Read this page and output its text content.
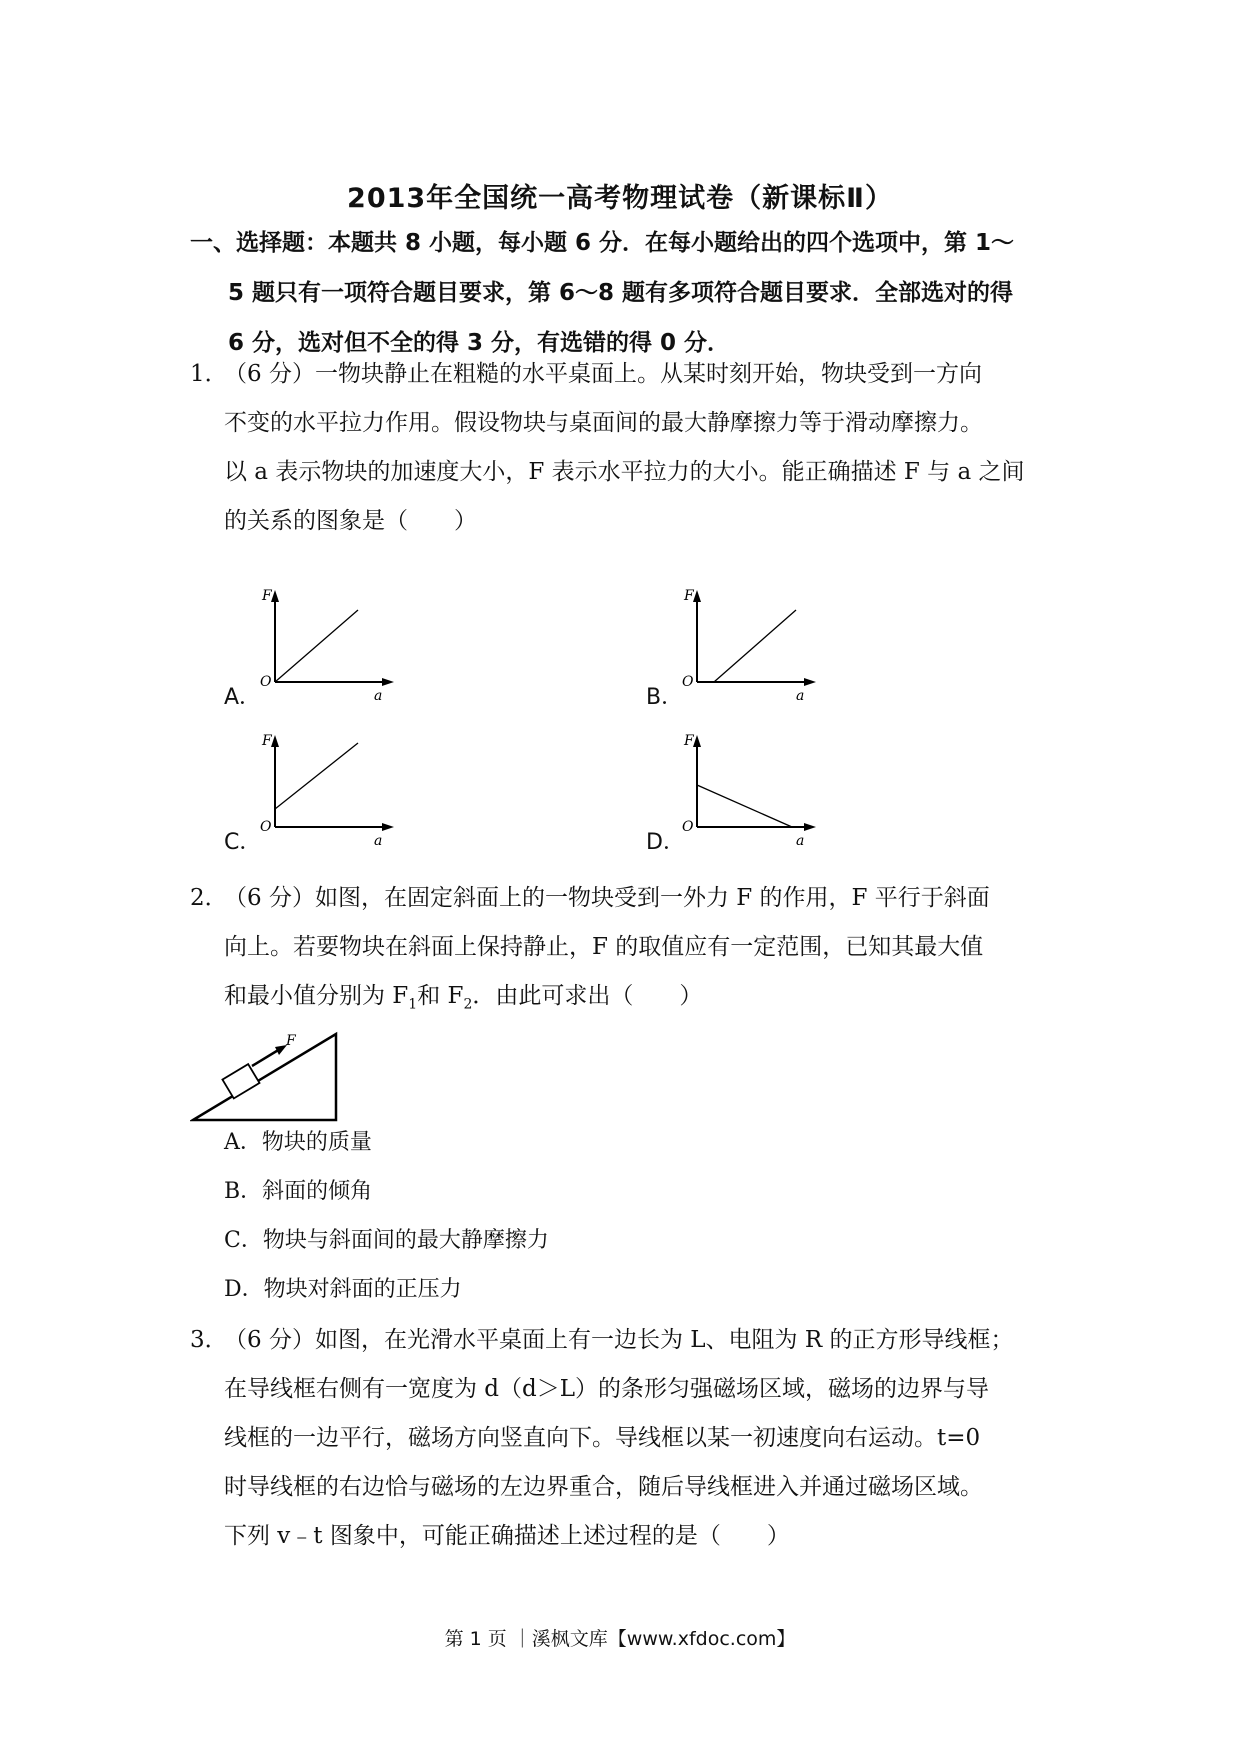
2013年全国统一高考物理试卷（新课标Ⅱ）
一、选择题：本题共 8 小题，每小题 6 分．在每小题给出的四个选项中，第 1～
5 题只有一项符合题目要求，第 6～8 题有多项符合题目要求．全部选对的得
6 分，选对但不全的得 3 分，有选错的得 0 分．
1．（6 分）一物块静止在粗糙的水平桌面上。从某时刻开始，物块受到一方向
不变的水平拉力作用。假设物块与桌面间的最大静摩擦力等于滑动摩擦力。
以 a 表示物块的加速度大小，F 表示水平拉力的大小。能正确描述 F 与 a 之间
的关系的图象是（　　）
A．
F
O
a	B．
F
O
a
C．
F
O
a	D．
F
O
a
2．（6 分）如图，在固定斜面上的一物块受到一外力 F 的作用，F 平行于斜面
向上。若要物块在斜面上保持静止，F 的取值应有一定范围，已知其最大值
和最小值分别为 $F_1$和 $F_2$．由此可求出（　　）
F
A．物块的质量
B．斜面的倾角
C．物块与斜面间的最大静摩擦力
D．物块对斜面的正压力
3．（6 分）如图，在光滑水平桌面上有一边长为 L、电阻为 R 的正方形导线框；
在导线框右侧有一宽度为 d（d＞L）的条形匀强磁场区域，磁场的边界与导
线框的一边平行，磁场方向竖直向下。导线框以某一初速度向右运动。t=0
时导线框的右边恰与磁场的左边界重合，随后导线框进入并通过磁场区域。
下列 v﹣t 图象中，可能正确描述上述过程的是（　　）
第 1 页 ｜溪枫文库【www.xfdoc.com】
